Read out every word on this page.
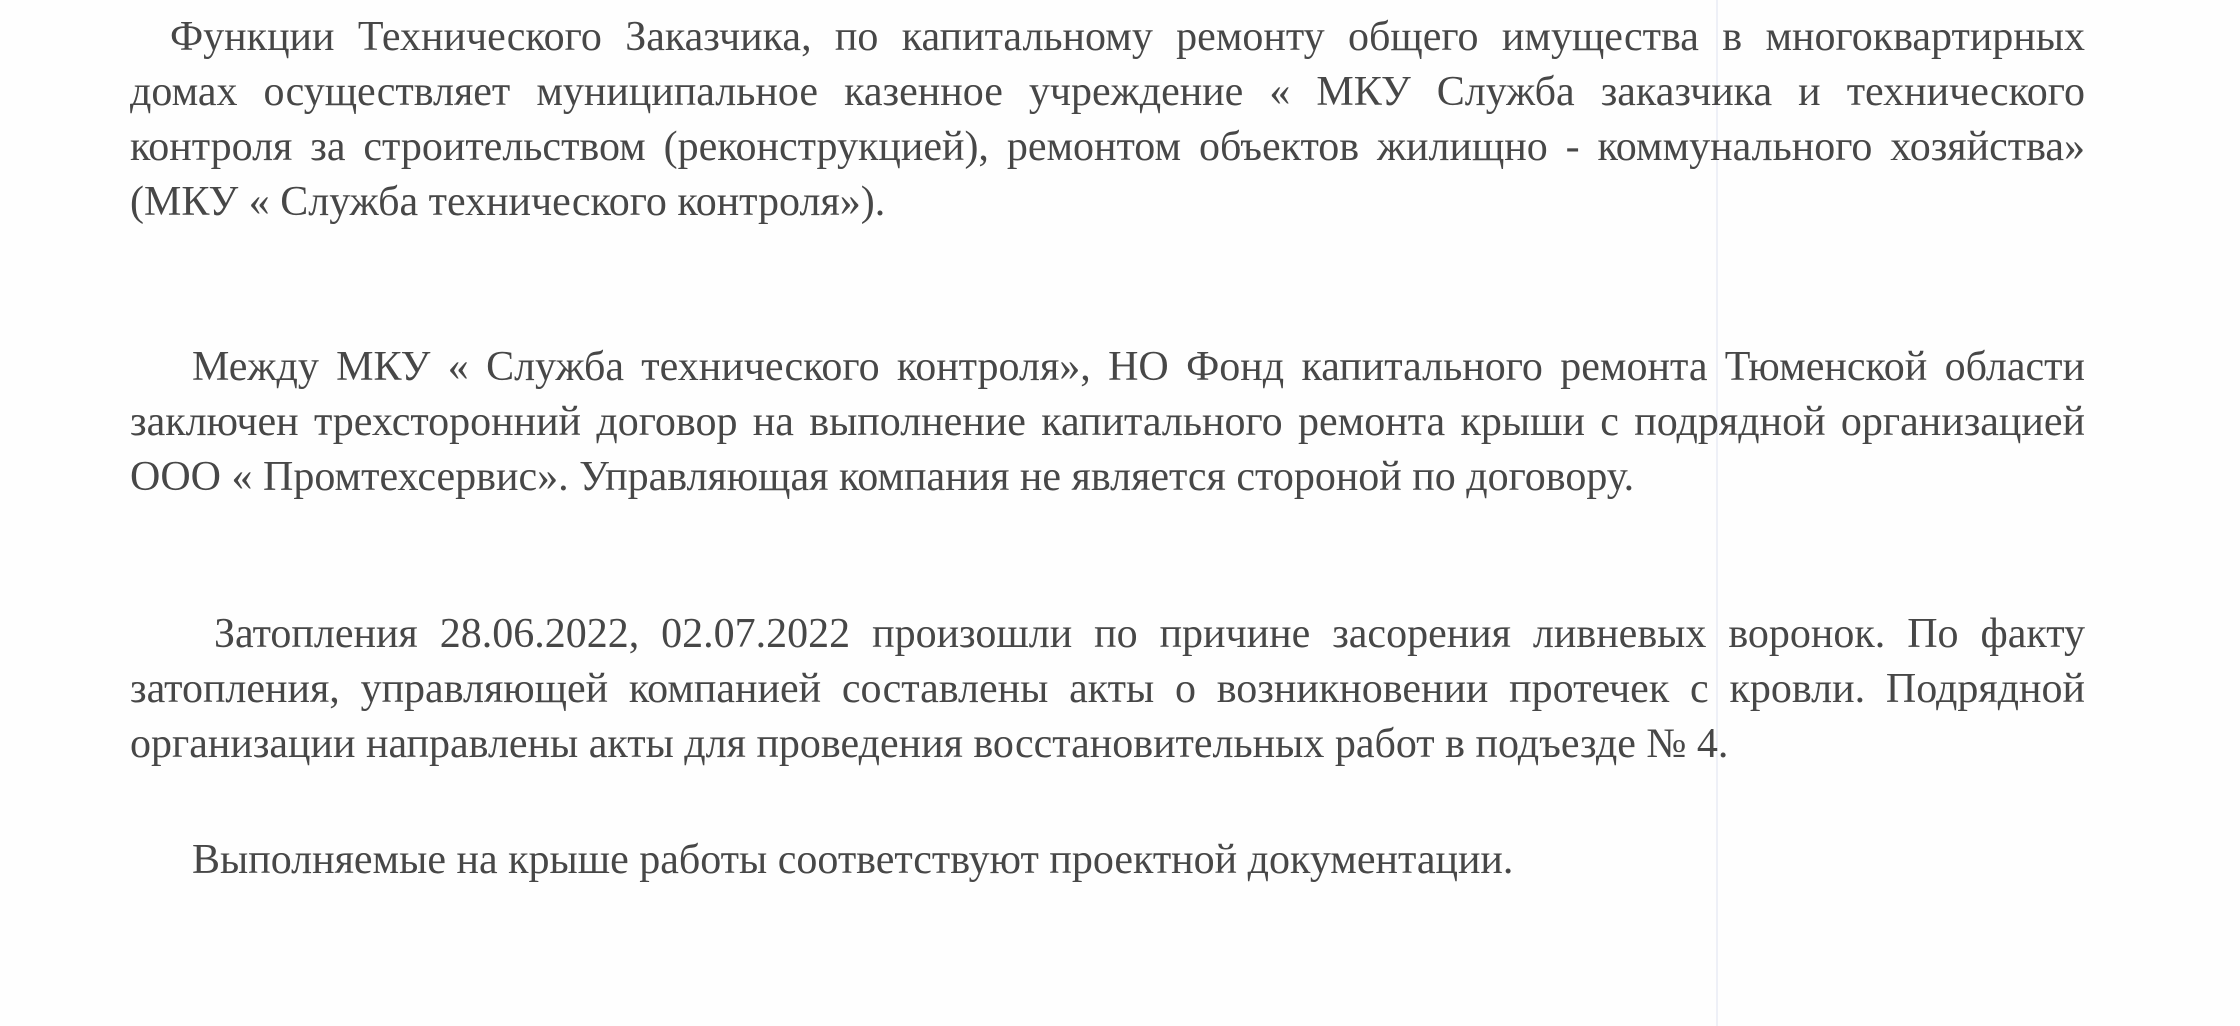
Функции Технического Заказчика, по капитальному ремонту общего имущества в многоквартирных домах осуществляет муниципальное казенное учреждение « МКУ Служба заказчика и технического контроля за строительством (реконструкцией), ремонтом объектов жилищно - коммунального хозяйства» (МКУ « Служба технического контроля»).

Между МКУ « Служба технического контроля», НО Фонд капитального ремонта Тюменской области заключен трехсторонний договор на выполнение капитального ремонта крыши с подрядной организацией ООО « Промтехсервис». Управляющая компания не является стороной по договору.

Затопления 28.06.2022, 02.07.2022 произошли по причине засорения ливневых воронок. По факту затопления, управляющей компанией составлены акты о возникновении протечек с кровли. Подрядной организации направлены акты для проведения восстановительных работ в подъезде № 4.

Выполняемые на крыше работы соответствуют проектной документации.
